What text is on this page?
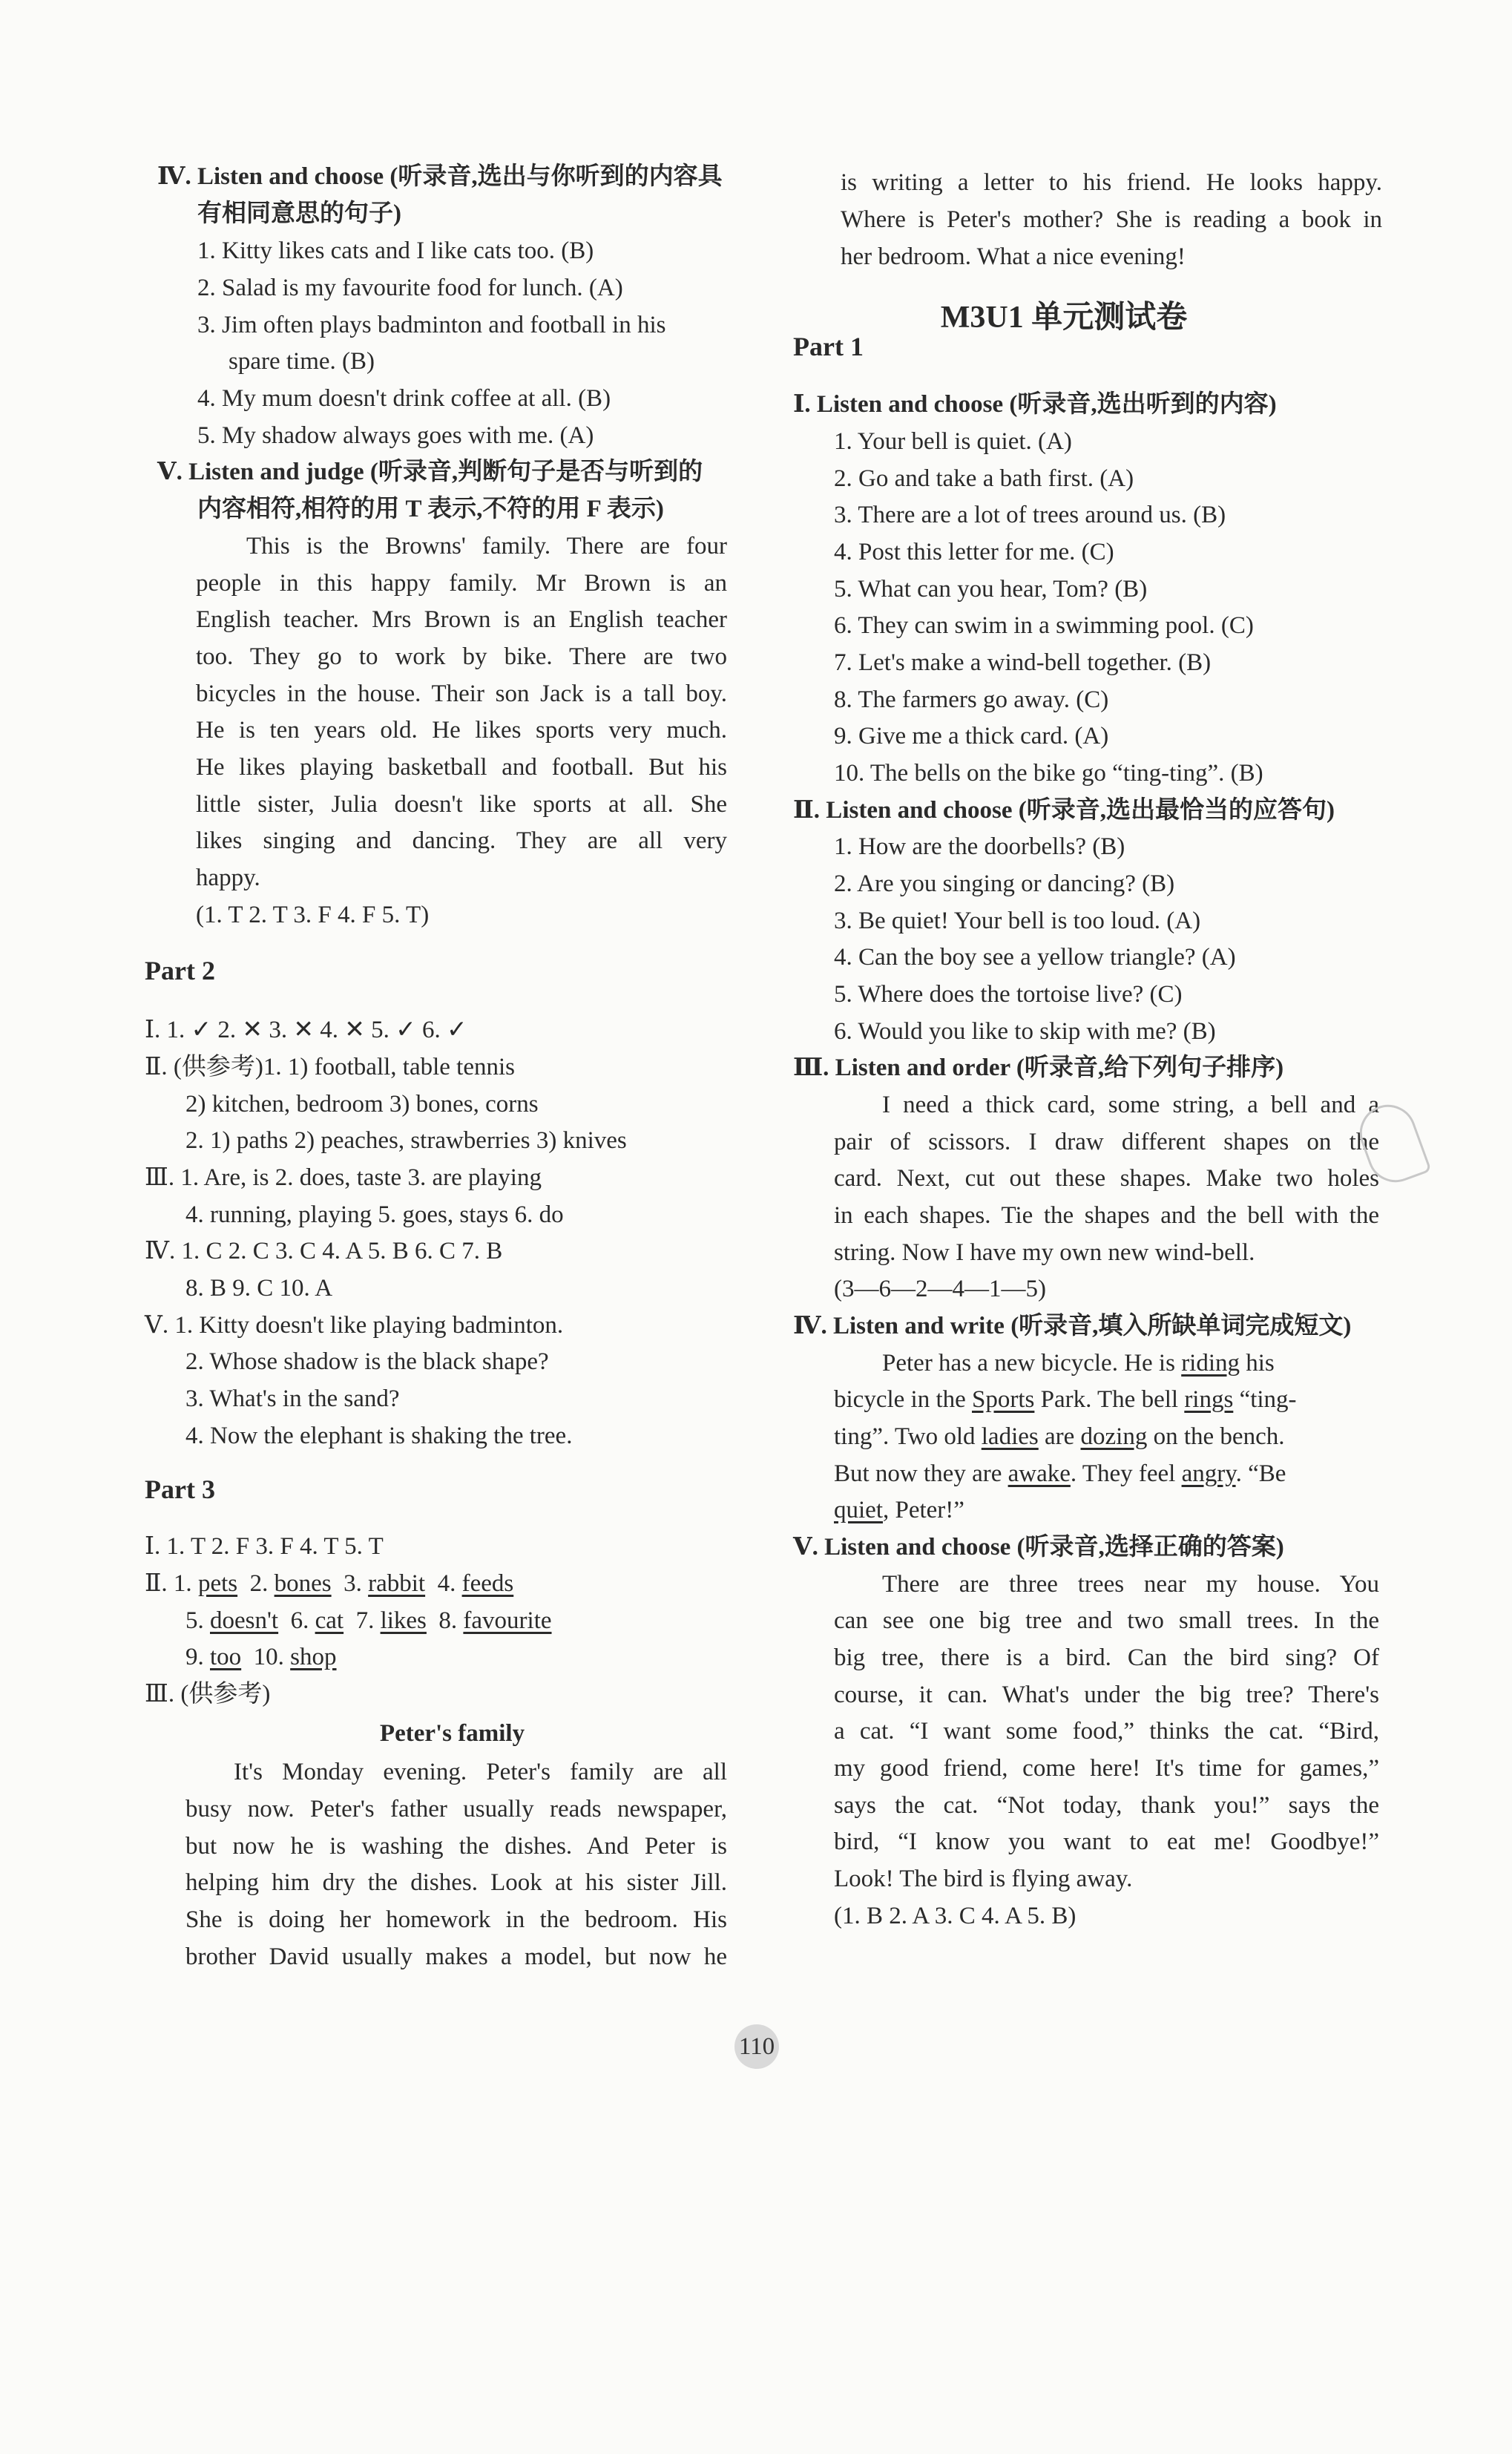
Ⅳ. Listen and choose (听录音,选出与你听到的内容具
有相同意思的句子)
1. Kitty likes cats and I like cats too. (B)
2. Salad is my favourite food for lunch. (A)
3. Jim often plays badminton and football in his
spare time. (B)
4. My mum doesn't drink coffee at all. (B)
5. My shadow always goes with me. (A)
Ⅴ. Listen and judge (听录音,判断句子是否与听到的
内容相符,相符的用 T 表示,不符的用 F 表示)
This is the Browns' family. There are four
people in this happy family. Mr Brown is an
English teacher. Mrs Brown is an English teacher
too. They go to work by bike. There are two
bicycles in the house. Their son Jack is a tall boy.
He is ten years old. He likes sports very much.
He likes playing basketball and football. But his
little sister, Julia doesn't like sports at all. She
likes singing and dancing. They are all very
happy.
(1. T 2. T 3. F 4. F 5. T)
Part 2
Ⅰ. 1. ✓ 2. ✕ 3. ✕ 4. ✕ 5. ✓ 6. ✓
Ⅱ. (供参考)1. 1) football, table tennis
2) kitchen, bedroom 3) bones, corns
2. 1) paths 2) peaches, strawberries 3) knives
Ⅲ. 1. Are, is 2. does, taste 3. are playing
4. running, playing 5. goes, stays 6. do
Ⅳ. 1. C 2. C 3. C 4. A 5. B 6. C 7. B
8. B 9. C 10. A
Ⅴ. 1. Kitty doesn't like playing badminton.
2. Whose shadow is the black shape?
3. What's in the sand?
4. Now the elephant is shaking the tree.
Part 3
Ⅰ. 1. T 2. F 3. F 4. T 5. T
Ⅱ. 1. pets 2. bones 3. rabbit 4. feeds
5. doesn't 6. cat 7. likes 8. favourite
9. too 10. shop
Ⅲ. (供参考)
Peter's family
It's Monday evening. Peter's family are all
busy now. Peter's father usually reads newspaper,
but now he is washing the dishes. And Peter is
helping him dry the dishes. Look at his sister Jill.
She is doing her homework in the bedroom. His
brother David usually makes a model, but now he
is writing a letter to his friend. He looks happy.
Where is Peter's mother? She is reading a book in
her bedroom. What a nice evening!
M3U1 单元测试卷
Part 1
Ⅰ. Listen and choose (听录音,选出听到的内容)
1. Your bell is quiet. (A)
2. Go and take a bath first. (A)
3. There are a lot of trees around us. (B)
4. Post this letter for me. (C)
5. What can you hear, Tom? (B)
6. They can swim in a swimming pool. (C)
7. Let's make a wind-bell together. (B)
8. The farmers go away. (C)
9. Give me a thick card. (A)
10. The bells on the bike go “ting-ting”. (B)
Ⅱ. Listen and choose (听录音,选出最恰当的应答句)
1. How are the doorbells? (B)
2. Are you singing or dancing? (B)
3. Be quiet! Your bell is too loud. (A)
4. Can the boy see a yellow triangle? (A)
5. Where does the tortoise live? (C)
6. Would you like to skip with me? (B)
Ⅲ. Listen and order (听录音,给下列句子排序)
I need a thick card, some string, a bell and a
pair of scissors. I draw different shapes on the
card. Next, cut out these shapes. Make two holes
in each shapes. Tie the shapes and the bell with the
string. Now I have my own new wind-bell.
(3—6—2—4—1—5)
Ⅳ. Listen and write (听录音,填入所缺单词完成短文)
Peter has a new bicycle. He is riding his
bicycle in the Sports Park. The bell rings “ting-
ting”. Two old ladies are dozing on the bench.
But now they are awake. They feel angry. “Be
quiet, Peter!”
Ⅴ. Listen and choose (听录音,选择正确的答案)
There are three trees near my house. You
can see one big tree and two small trees. In the
big tree, there is a bird. Can the bird sing? Of
course, it can. What's under the big tree? There's
a cat. “I want some food,” thinks the cat. “Bird,
my good friend, come here! It's time for games,”
says the cat. “Not today, thank you!” says the
bird, “I know you want to eat me! Goodbye!”
Look! The bird is flying away.
(1. B 2. A 3. C 4. A 5. B)
110
